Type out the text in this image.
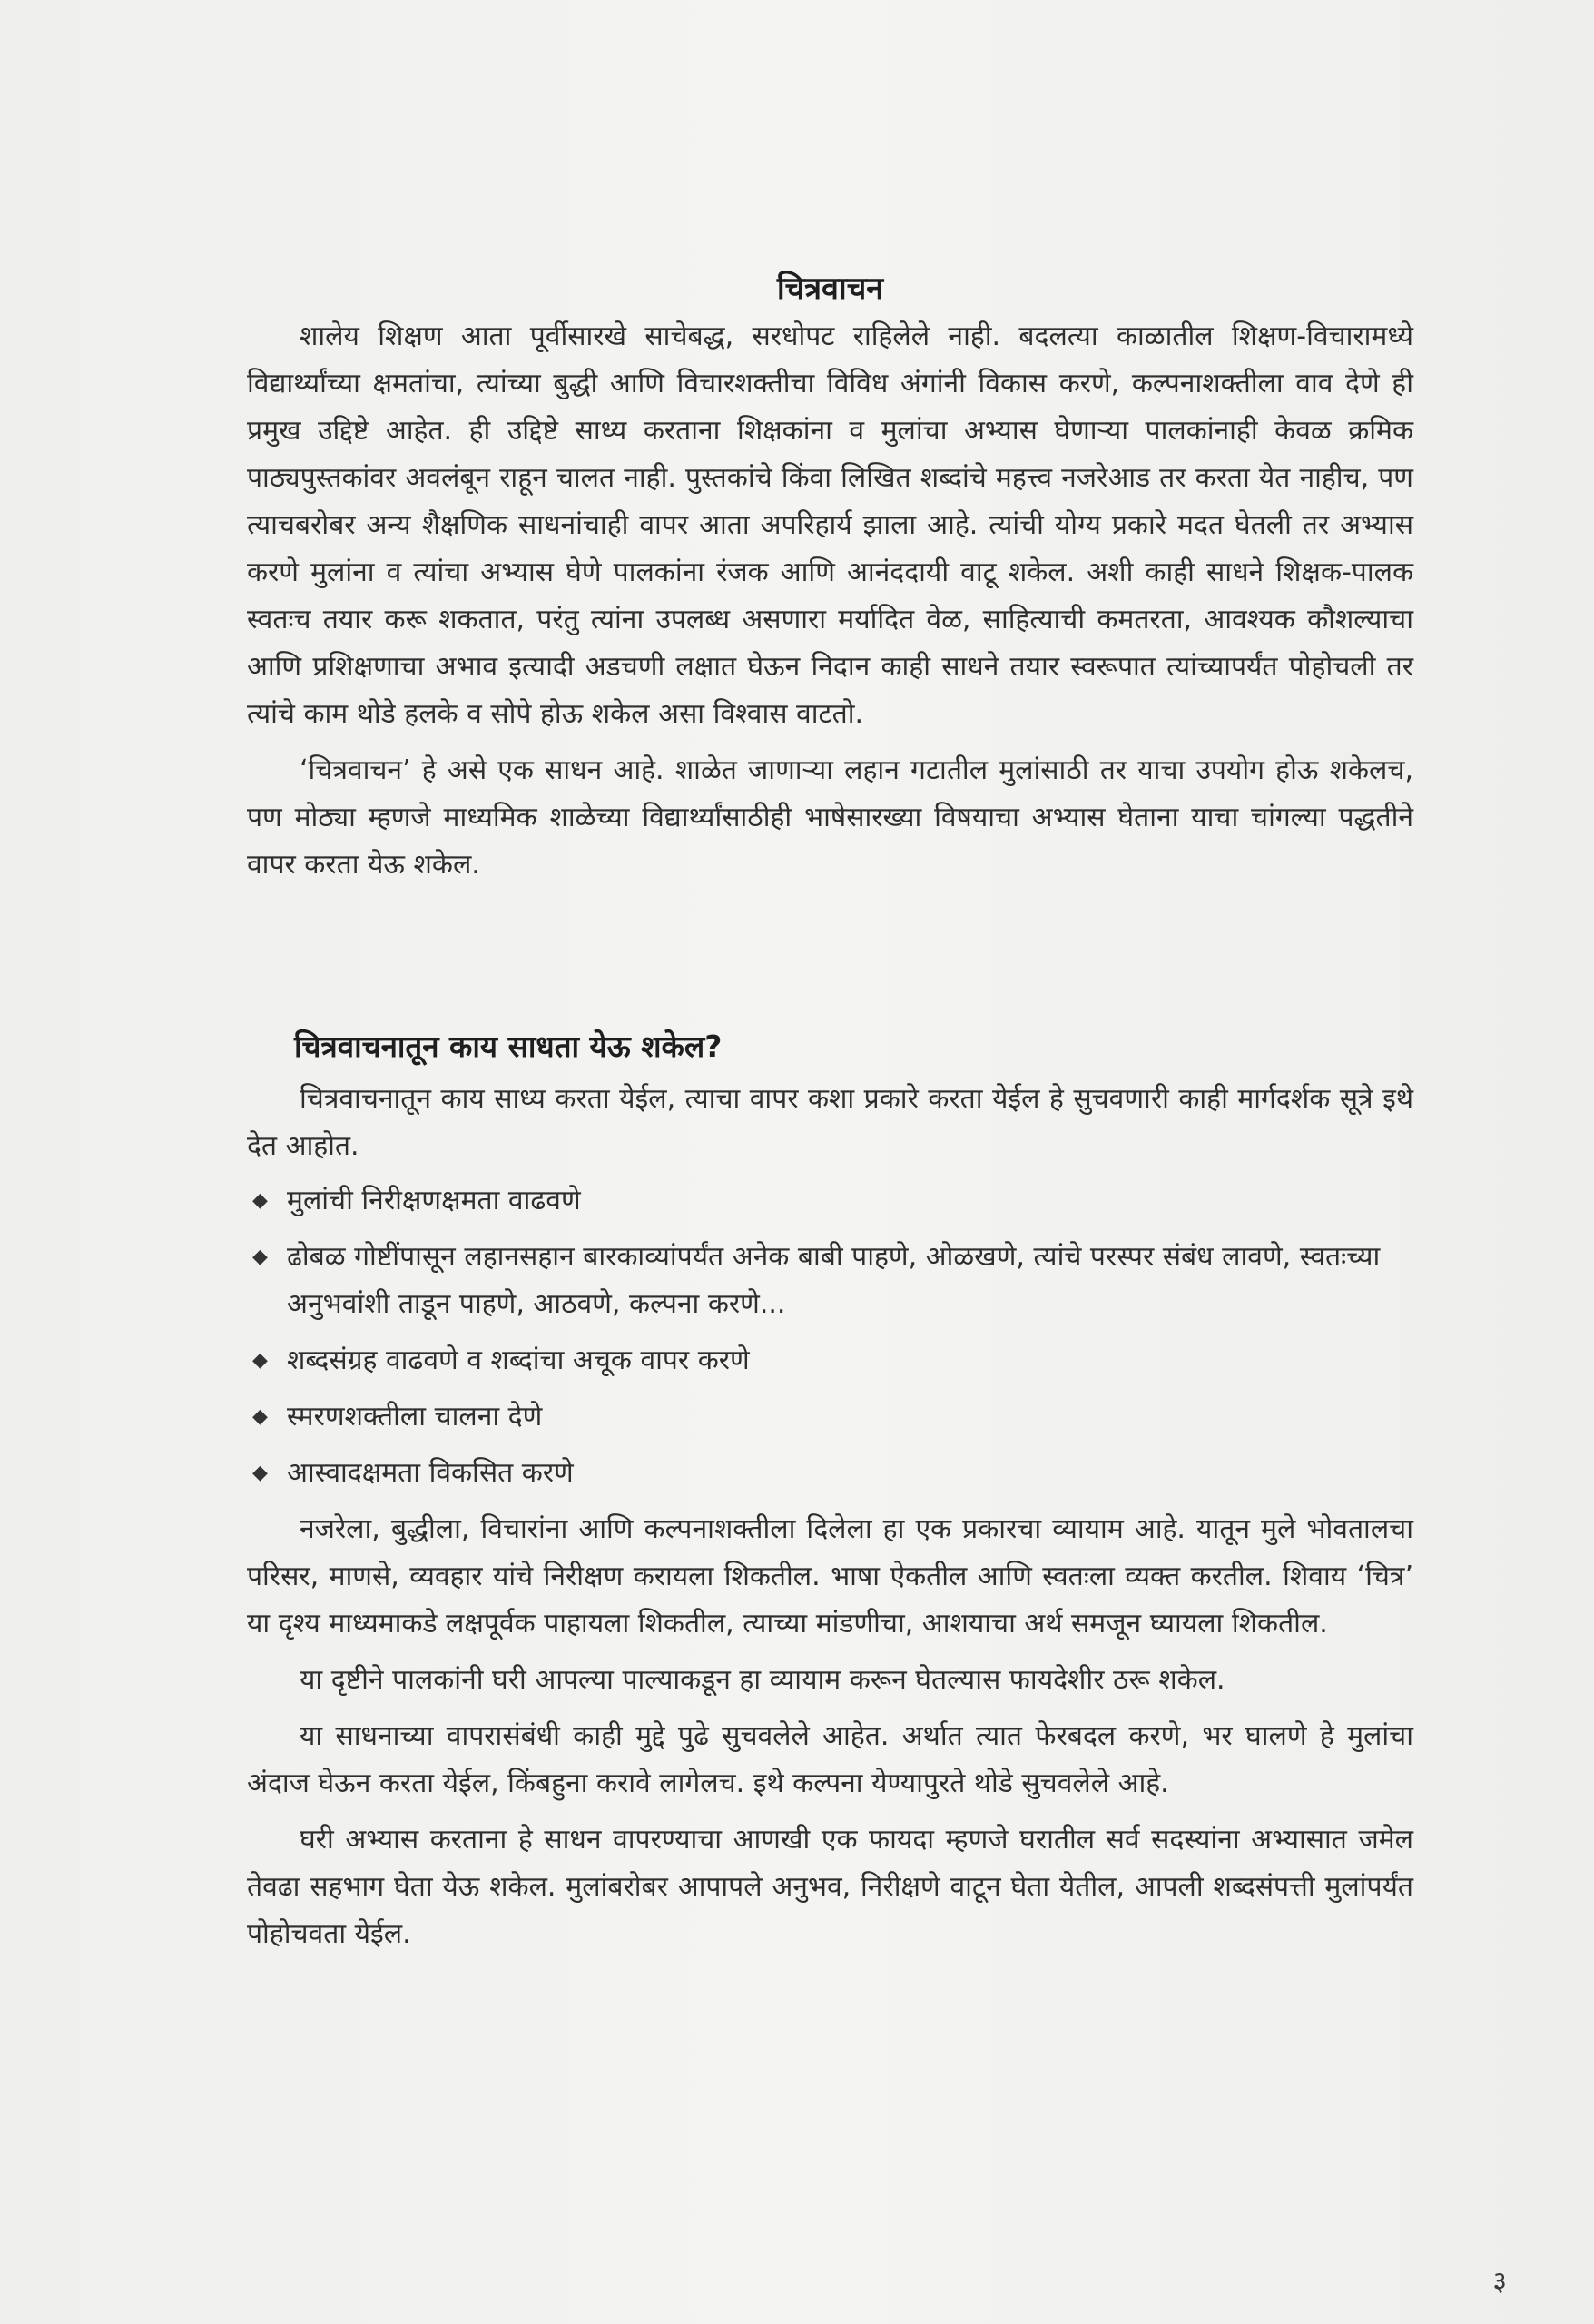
चित्रवाचन

शालेय शिक्षण आता पूर्वीसारखे साचेबद्ध, सरधोपट राहिलेले नाही. बदलत्या काळातील शिक्षण-विचारामध्ये विद्यार्थ्यांच्या क्षमतांचा, त्यांच्या बुद्धी आणि विचारशक्तीचा विविध अंगांनी विकास करणे, कल्पनाशक्तीला वाव देणे ही प्रमुख उद्दिष्टे आहेत. ही उद्दिष्टे साध्य करताना शिक्षकांना व मुलांचा अभ्यास घेणाऱ्या पालकांनाही केवळ क्रमिक पाठ्यपुस्तकांवर अवलंबून राहून चालत नाही. पुस्तकांचे किंवा लिखित शब्दांचे महत्त्व नजरेआड तर करता येत नाहीच, पण त्याचबरोबर अन्य शैक्षणिक साधनांचाही वापर आता अपरिहार्य झाला आहे. त्यांची योग्य प्रकारे मदत घेतली तर अभ्यास करणे मुलांना व त्यांचा अभ्यास घेणे पालकांना रंजक आणि आनंददायी वाटू शकेल. अशी काही साधने शिक्षक-पालक स्वतःच तयार करू शकतात, परंतु त्यांना उपलब्ध असणारा मर्यादित वेळ, साहित्याची कमतरता, आवश्यक कौशल्याचा आणि प्रशिक्षणाचा अभाव इत्यादी अडचणी लक्षात घेऊन निदान काही साधने तयार स्वरूपात त्यांच्यापर्यंत पोहोचली तर त्यांचे काम थोडे हलके व सोपे होऊ शकेल असा विश्वास वाटतो.

‘चित्रवाचन’ हे असे एक साधन आहे. शाळेत जाणाऱ्या लहान गटातील मुलांसाठी तर याचा उपयोग होऊ शकेलच, पण मोठ्या म्हणजे माध्यमिक शाळेच्या विद्यार्थ्यांसाठीही भाषेसारख्या विषयाचा अभ्यास घेताना याचा चांगल्या पद्धतीने वापर करता येऊ शकेल.

चित्रवाचनातून काय साधता येऊ शकेल?

चित्रवाचनातून काय साध्य करता येईल, त्याचा वापर कशा प्रकारे करता येईल हे सुचवणारी काही मार्गदर्शक सूत्रे इथे देत आहोत.

◆ मुलांची निरीक्षणक्षमता वाढवणे
◆ ढोबळ गोष्टींपासून लहानसहान बारकाव्यांपर्यंत अनेक बाबी पाहणे, ओळखणे, त्यांचे परस्पर संबंध लावणे, स्वतःच्या अनुभवांशी ताडून पाहणे, आठवणे, कल्पना करणे...
◆ शब्दसंग्रह वाढवणे व शब्दांचा अचूक वापर करणे
◆ स्मरणशक्तीला चालना देणे
◆ आस्वादक्षमता विकसित करणे

नजरेला, बुद्धीला, विचारांना आणि कल्पनाशक्तीला दिलेला हा एक प्रकारचा व्यायाम आहे. यातून मुले भोवतालचा परिसर, माणसे, व्यवहार यांचे निरीक्षण करायला शिकतील. भाषा ऐकतील आणि स्वतःला व्यक्त करतील. शिवाय ‘चित्र’ या दृश्य माध्यमाकडे लक्षपूर्वक पाहायला शिकतील, त्याच्या मांडणीचा, आशयाचा अर्थ समजून घ्यायला शिकतील.

या दृष्टीने पालकांनी घरी आपल्या पाल्याकडून हा व्यायाम करून घेतल्यास फायदेशीर ठरू शकेल.

या साधनाच्या वापरासंबंधी काही मुद्दे पुढे सुचवलेले आहेत. अर्थात त्यात फेरबदल करणे, भर घालणे हे मुलांचा अंदाज घेऊन करता येईल, किंबहुना करावे लागेलच. इथे कल्पना येण्यापुरते थोडे सुचवलेले आहे.

घरी अभ्यास करताना हे साधन वापरण्याचा आणखी एक फायदा म्हणजे घरातील सर्व सदस्यांना अभ्यासात जमेल तेवढा सहभाग घेता येऊ शकेल. मुलांबरोबर आपापले अनुभव, निरीक्षणे वाटून घेता येतील, आपली शब्दसंपत्ती मुलांपर्यंत पोहोचवता येईल.

३
